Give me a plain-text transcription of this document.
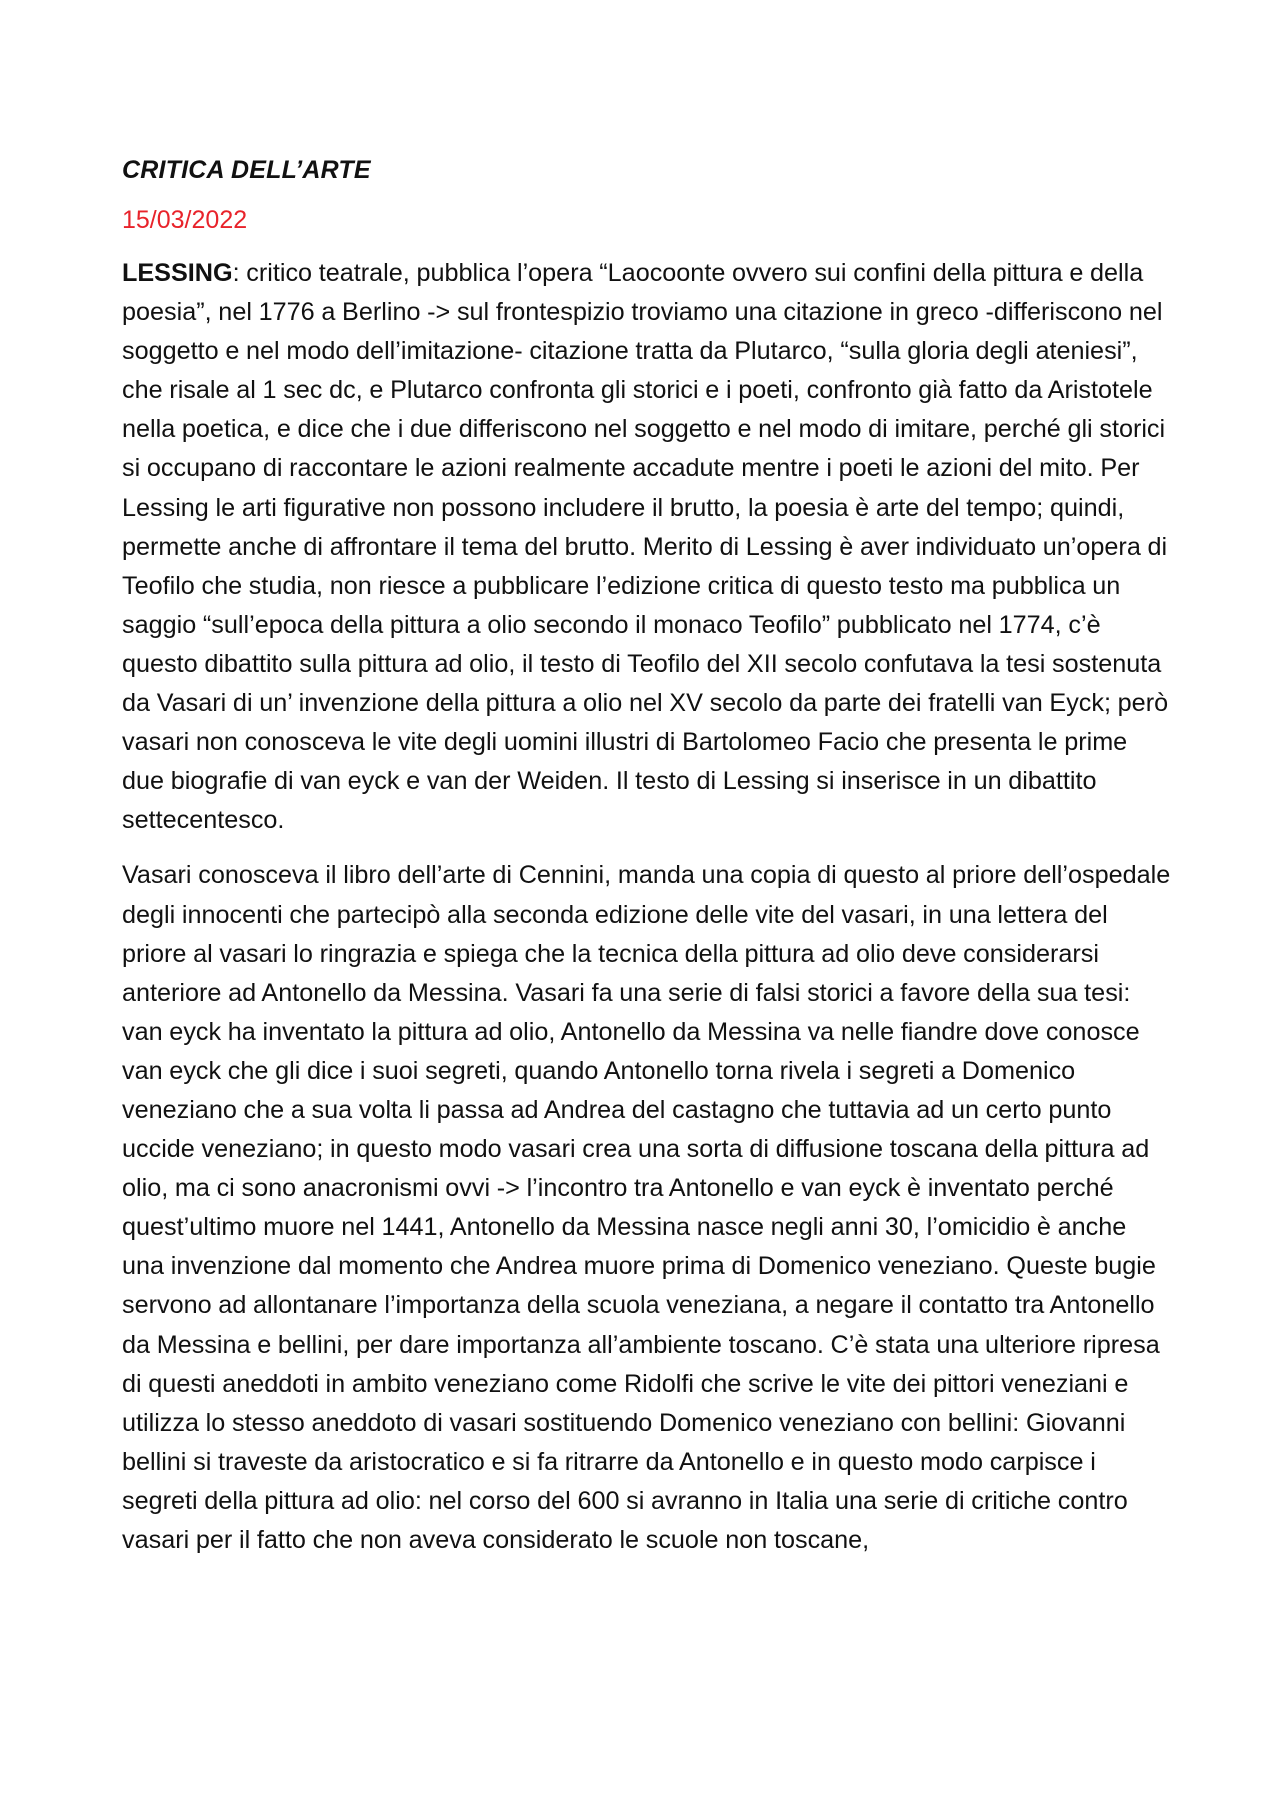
CRITICA DELL’ARTE
15/03/2022

LESSING: critico teatrale, pubblica l’opera “Laocoonte ovvero sui confini della pittura e della poesia”, nel 1776 a Berlino -> sul frontespizio troviamo una citazione in greco -differiscono nel soggetto e nel modo dell’imitazione- citazione tratta da Plutarco, “sulla gloria degli ateniesi”, che risale al 1 sec dc, e Plutarco confronta gli storici e i poeti, confronto già fatto da Aristotele nella poetica, e dice che i due differiscono nel soggetto e nel modo di imitare, perché gli storici si occupano di raccontare le azioni realmente accadute mentre i poeti le azioni del mito. Per Lessing le arti figurative non possono includere il brutto, la poesia è arte del tempo; quindi, permette anche di affrontare il tema del brutto. Merito di Lessing è aver individuato un’opera di Teofilo che studia, non riesce a pubblicare l’edizione critica di questo testo ma pubblica un saggio “sull’epoca della pittura a olio secondo il monaco Teofilo” pubblicato nel 1774, c’è questo dibattito sulla pittura ad olio, il testo di Teofilo del XII secolo confutava la tesi sostenuta da Vasari di un’ invenzione della pittura a olio nel XV secolo da parte dei fratelli van Eyck; però vasari non conosceva le vite degli uomini illustri di Bartolomeo Facio che presenta le prime due biografie di van eyck e van der Weiden. Il testo di Lessing si inserisce in un dibattito settecentesco.

Vasari conosceva il libro dell’arte di Cennini, manda una copia di questo al priore dell’ospedale degli innocenti che partecipò alla seconda edizione delle vite del vasari, in una lettera del priore al vasari lo ringrazia e spiega che la tecnica della pittura ad olio deve considerarsi anteriore ad Antonello da Messina. Vasari fa una serie di falsi storici a favore della sua tesi: van eyck ha inventato la pittura ad olio, Antonello da Messina va nelle fiandre dove conosce van eyck che gli dice i suoi segreti, quando Antonello torna rivela i segreti a Domenico veneziano che a sua volta li passa ad Andrea del castagno che tuttavia ad un certo punto uccide veneziano; in questo modo vasari crea una sorta di diffusione toscana della pittura ad olio, ma ci sono anacronismi ovvi -> l’incontro tra Antonello e van eyck è inventato perché quest’ultimo muore nel 1441, Antonello da Messina nasce negli anni 30, l’omicidio è anche una invenzione dal momento che Andrea muore prima di Domenico veneziano. Queste bugie servono ad allontanare l’importanza della scuola veneziana, a negare il contatto tra Antonello da Messina e bellini, per dare importanza all’ambiente toscano. C’è stata una ulteriore ripresa di questi aneddoti in ambito veneziano come Ridolfi che scrive le vite dei pittori veneziani e utilizza lo stesso aneddoto di vasari sostituendo Domenico veneziano con bellini: Giovanni bellini si traveste da aristocratico e si fa ritrarre da Antonello e in questo modo carpisce i segreti della pittura ad olio: nel corso del 600 si avranno in Italia una serie di critiche contro vasari per il fatto che non aveva considerato le scuole non toscane,
